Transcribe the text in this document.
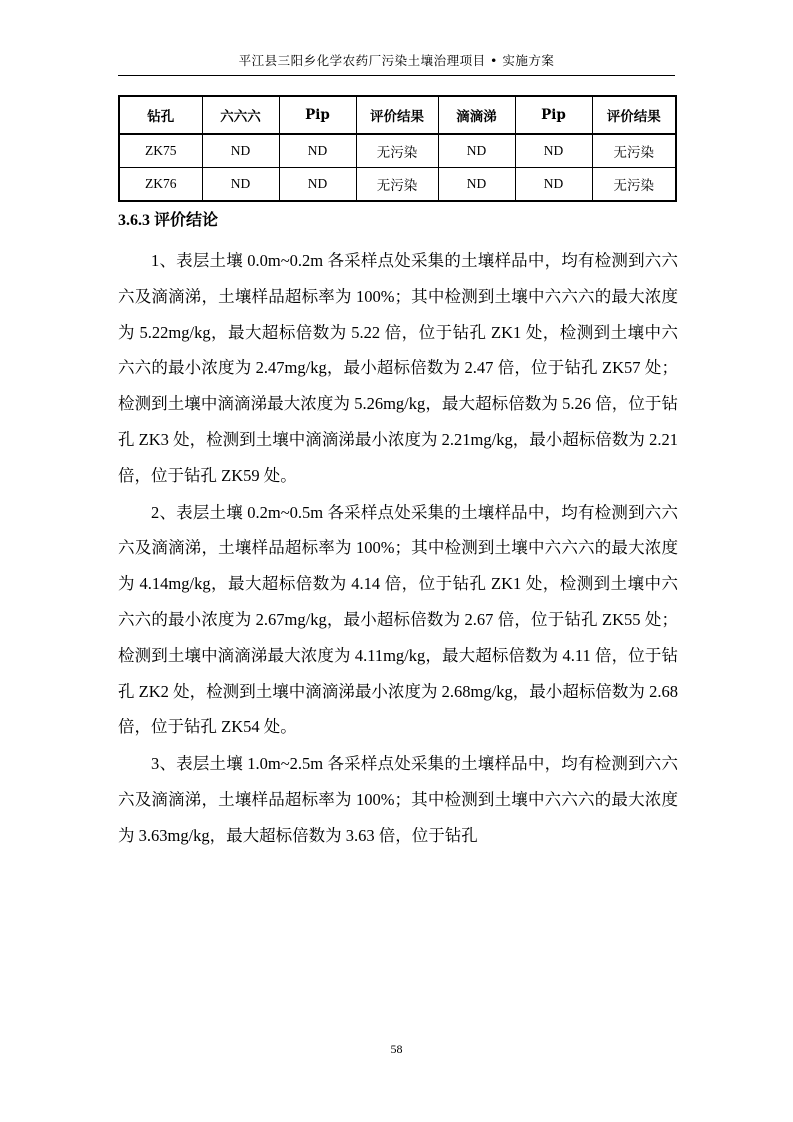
平江县三阳乡化学农药厂污染土壤治理项目 • 实施方案
钻孔	六六六	Pip	评价结果	滴滴涕	Pip	评价结果
ZK75	ND	ND	无污染	ND	ND	无污染
ZK76	ND	ND	无污染	ND	ND	无污染
3.6.3 评价结论

1、表层土壤 0.0m~0.2m 各采样点处采集的土壤样品中，均有检测到六六六及滴滴涕，土壤样品超标率为 100%；其中检测到土壤中六六六的最大浓度为 5.22mg/kg，最大超标倍数为 5.22 倍，位于钻孔 ZK1 处，检测到土壤中六六六的最小浓度为 2.47mg/kg，最小超标倍数为 2.47 倍，位于钻孔 ZK57 处；检测到土壤中滴滴涕最大浓度为 5.26mg/kg，最大超标倍数为 5.26 倍，位于钻孔 ZK3 处，检测到土壤中滴滴涕最小浓度为 2.21mg/kg，最小超标倍数为 2.21 倍，位于钻孔 ZK59 处。

2、表层土壤 0.2m~0.5m 各采样点处采集的土壤样品中，均有检测到六六六及滴滴涕，土壤样品超标率为 100%；其中检测到土壤中六六六的最大浓度为 4.14mg/kg，最大超标倍数为 4.14 倍，位于钻孔 ZK1 处，检测到土壤中六六六的最小浓度为 2.67mg/kg，最小超标倍数为 2.67 倍，位于钻孔 ZK55 处；检测到土壤中滴滴涕最大浓度为 4.11mg/kg，最大超标倍数为 4.11 倍，位于钻孔 ZK2 处，检测到土壤中滴滴涕最小浓度为 2.68mg/kg，最小超标倍数为 2.68 倍，位于钻孔 ZK54 处。

3、表层土壤 1.0m~2.5m 各采样点处采集的土壤样品中，均有检测到六六六及滴滴涕，土壤样品超标率为 100%；其中检测到土壤中六六六的最大浓度为 3.63mg/kg，最大超标倍数为 3.63 倍，位于钻孔

58
